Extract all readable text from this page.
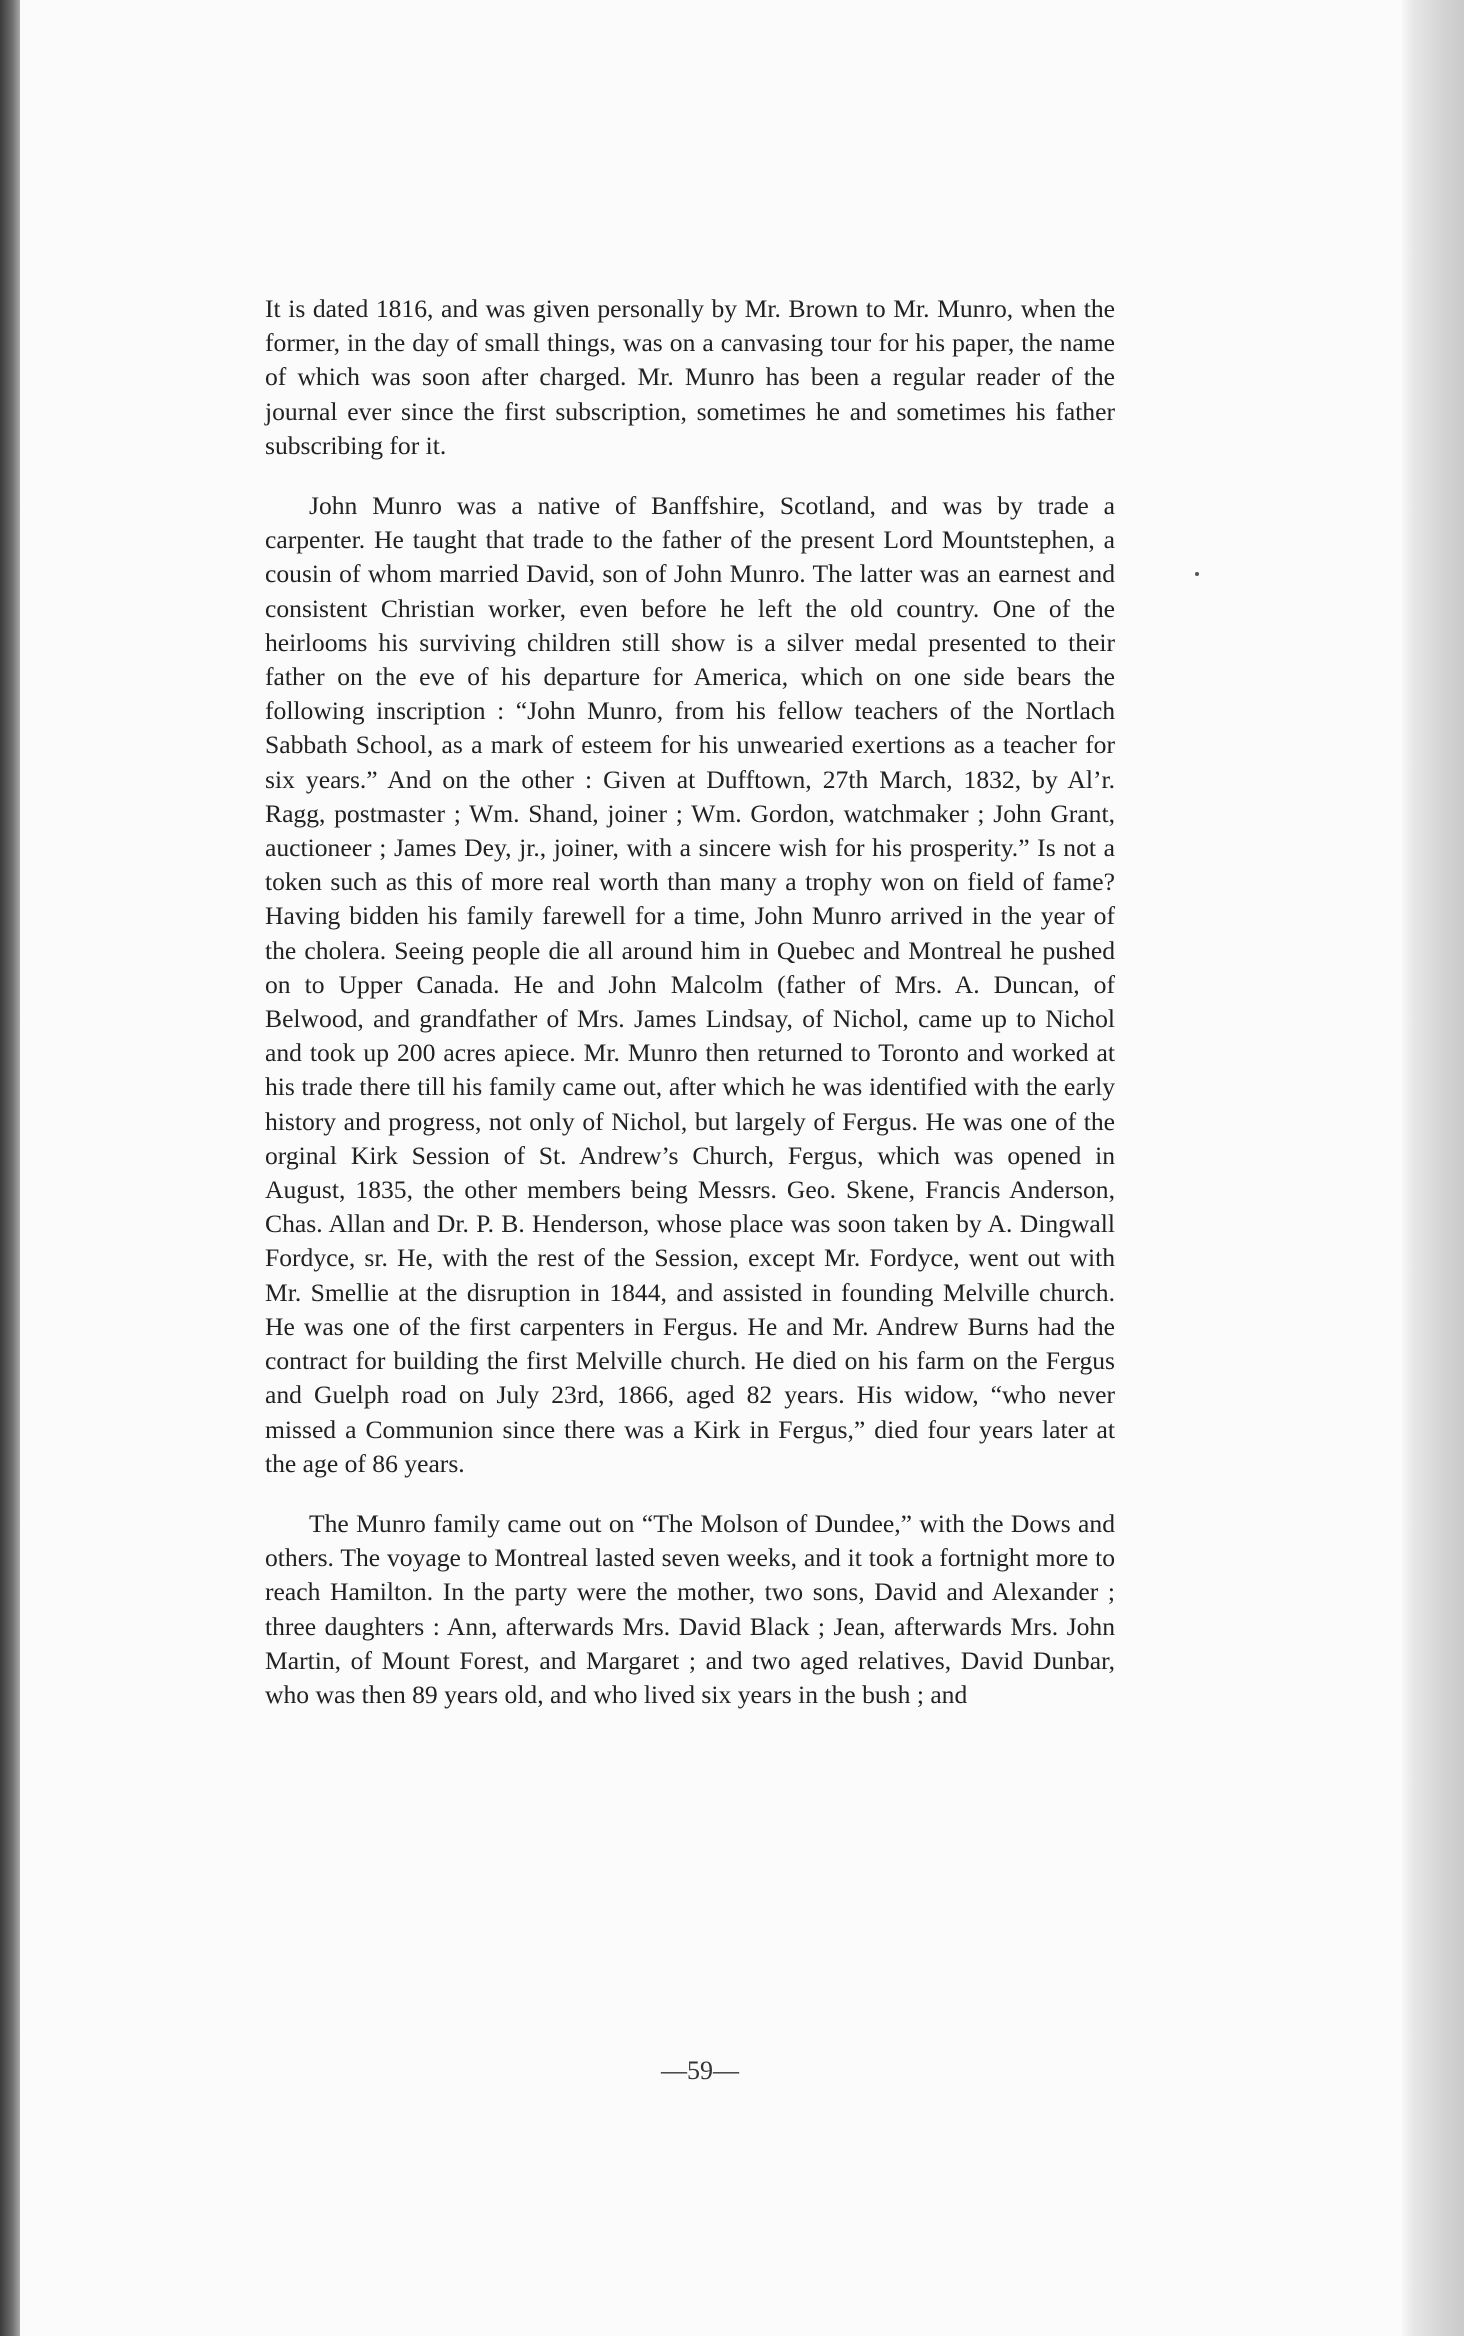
It is dated 1816, and was given personally by Mr. Brown to Mr. Munro, when the former, in the day of small things, was on a canvasing tour for his paper, the name of which was soon after charged. Mr. Munro has been a regular reader of the journal ever since the first subscription, sometimes he and sometimes his father subscribing for it.

John Munro was a native of Banffshire, Scotland, and was by trade a carpenter. He taught that trade to the father of the present Lord Mountstephen, a cousin of whom married David, son of John Munro. The latter was an earnest and consistent Christian worker, even before he left the old country. One of the heirlooms his surviving children still show is a silver medal presented to their father on the eve of his departure for America, which on one side bears the following inscription : “John Munro, from his fellow teachers of the Nortlach Sabbath School, as a mark of esteem for his unwearied exertions as a teacher for six years.” And on the other : Given at Dufftown, 27th March, 1832, by Al’r. Ragg, postmaster ; Wm. Shand, joiner ; Wm. Gordon, watchmaker ; John Grant, auctioneer ; James Dey, jr., joiner, with a sincere wish for his prosperity.” Is not a token such as this of more real worth than many a trophy won on field of fame? Having bidden his family farewell for a time, John Munro arrived in the year of the cholera. Seeing people die all around him in Quebec and Montreal he pushed on to Upper Canada. He and John Malcolm (father of Mrs. A. Duncan, of Belwood, and grandfather of Mrs. James Lindsay, of Nichol, came up to Nichol and took up 200 acres apiece. Mr. Munro then returned to Toronto and worked at his trade there till his family came out, after which he was identified with the early history and progress, not only of Nichol, but largely of Fergus. He was one of the orginal Kirk Session of St. Andrew’s Church, Fergus, which was opened in August, 1835, the other members being Messrs. Geo. Skene, Francis Anderson, Chas. Allan and Dr. P. B. Henderson, whose place was soon taken by A. Dingwall Fordyce, sr. He, with the rest of the Session, except Mr. Fordyce, went out with Mr. Smellie at the disruption in 1844, and assisted in founding Melville church. He was one of the first carpenters in Fergus. He and Mr. Andrew Burns had the contract for building the first Melville church. He died on his farm on the Fergus and Guelph road on July 23rd, 1866, aged 82 years. His widow, “who never missed a Communion since there was a Kirk in Fergus,” died four years later at the age of 86 years.

The Munro family came out on “The Molson of Dundee,” with the Dows and others. The voyage to Montreal lasted seven weeks, and it took a fortnight more to reach Hamilton. In the party were the mother, two sons, David and Alexander ; three daughters : Ann, afterwards Mrs. David Black ; Jean, afterwards Mrs. John Martin, of Mount Forest, and Margaret ; and two aged relatives, David Dunbar, who was then 89 years old, and who lived six years in the bush ; and

—59—
